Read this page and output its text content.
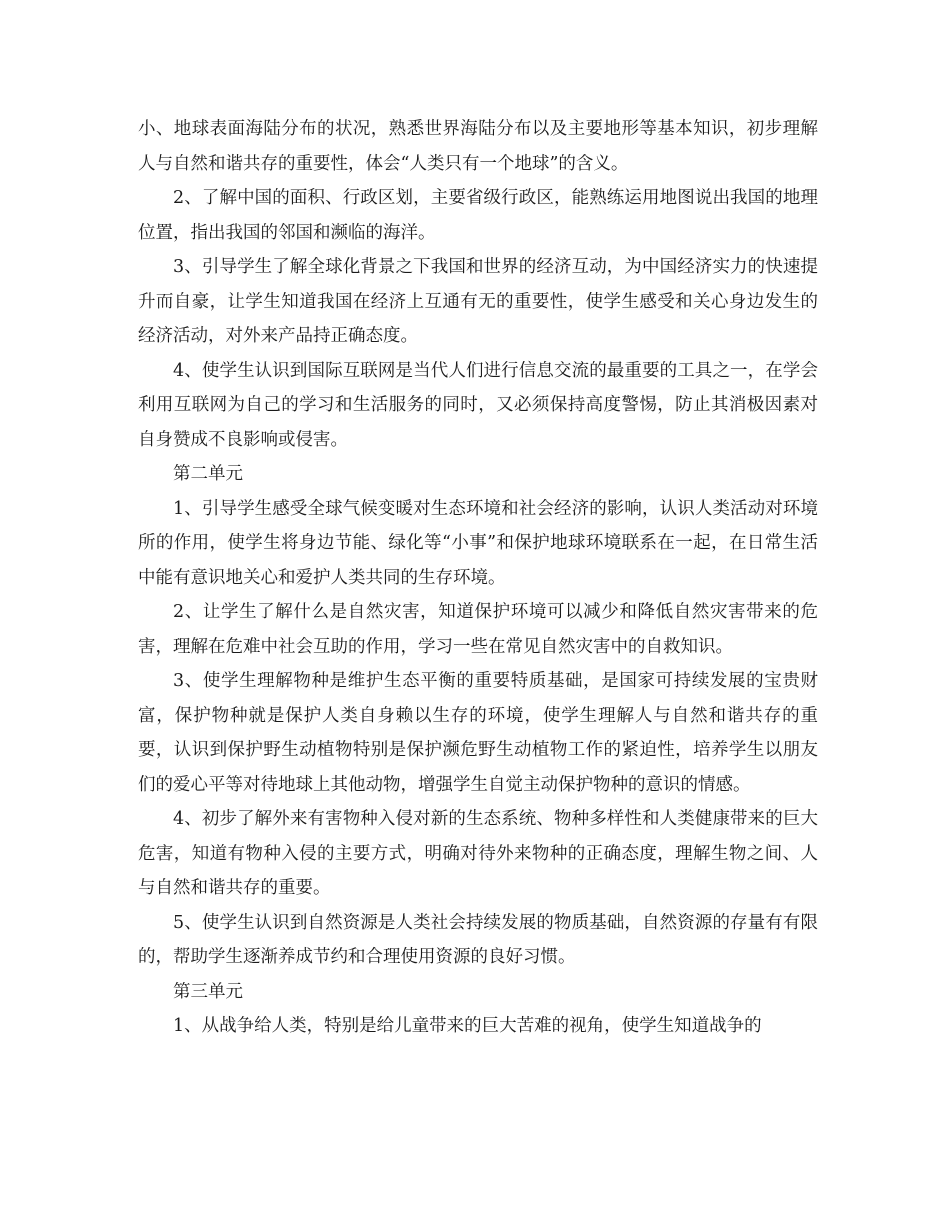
小、地球表面海陆分布的状况，熟悉世界海陆分布以及主要地形等基本知识，初步理解人与自然和谐共存的重要性，体会“人类只有一个地球”的含义。

2、了解中国的面积、行政区划，主要省级行政区，能熟练运用地图说出我国的地理位置，指出我国的邻国和濒临的海洋。

3、引导学生了解全球化背景之下我国和世界的经济互动，为中国经济实力的快速提升而自豪，让学生知道我国在经济上互通有无的重要性，使学生感受和关心身边发生的经济活动，对外来产品持正确态度。

4、使学生认识到国际互联网是当代人们进行信息交流的最重要的工具之一，在学会利用互联网为自己的学习和生活服务的同时，又必须保持高度警惕，防止其消极因素对自身赞成不良影响或侵害。

第二单元

1、引导学生感受全球气候变暖对生态环境和社会经济的影响，认识人类活动对环境所的作用，使学生将身边节能、绿化等“小事”和保护地球环境联系在一起，在日常生活中能有意识地关心和爱护人类共同的生存环境。

2、让学生了解什么是自然灾害，知道保护环境可以减少和降低自然灾害带来的危害，理解在危难中社会互助的作用，学习一些在常见自然灾害中的自救知识。

3、使学生理解物种是维护生态平衡的重要特质基础，是国家可持续发展的宝贵财富，保护物种就是保护人类自身赖以生存的环境，使学生理解人与自然和谐共存的重要，认识到保护野生动植物特别是保护濒危野生动植物工作的紧迫性，培养学生以朋友们的爱心平等对待地球上其他动物，增强学生自觉主动保护物种的意识的情感。

4、初步了解外来有害物种入侵对新的生态系统、物种多样性和人类健康带来的巨大危害，知道有物种入侵的主要方式，明确对待外来物种的正确态度，理解生物之间、人与自然和谐共存的重要。

5、使学生认识到自然资源是人类社会持续发展的物质基础，自然资源的存量有有限的，帮助学生逐渐养成节约和合理使用资源的良好习惯。

第三单元

1、从战争给人类，特别是给儿童带来的巨大苦难的视角，使学生知道战争的
